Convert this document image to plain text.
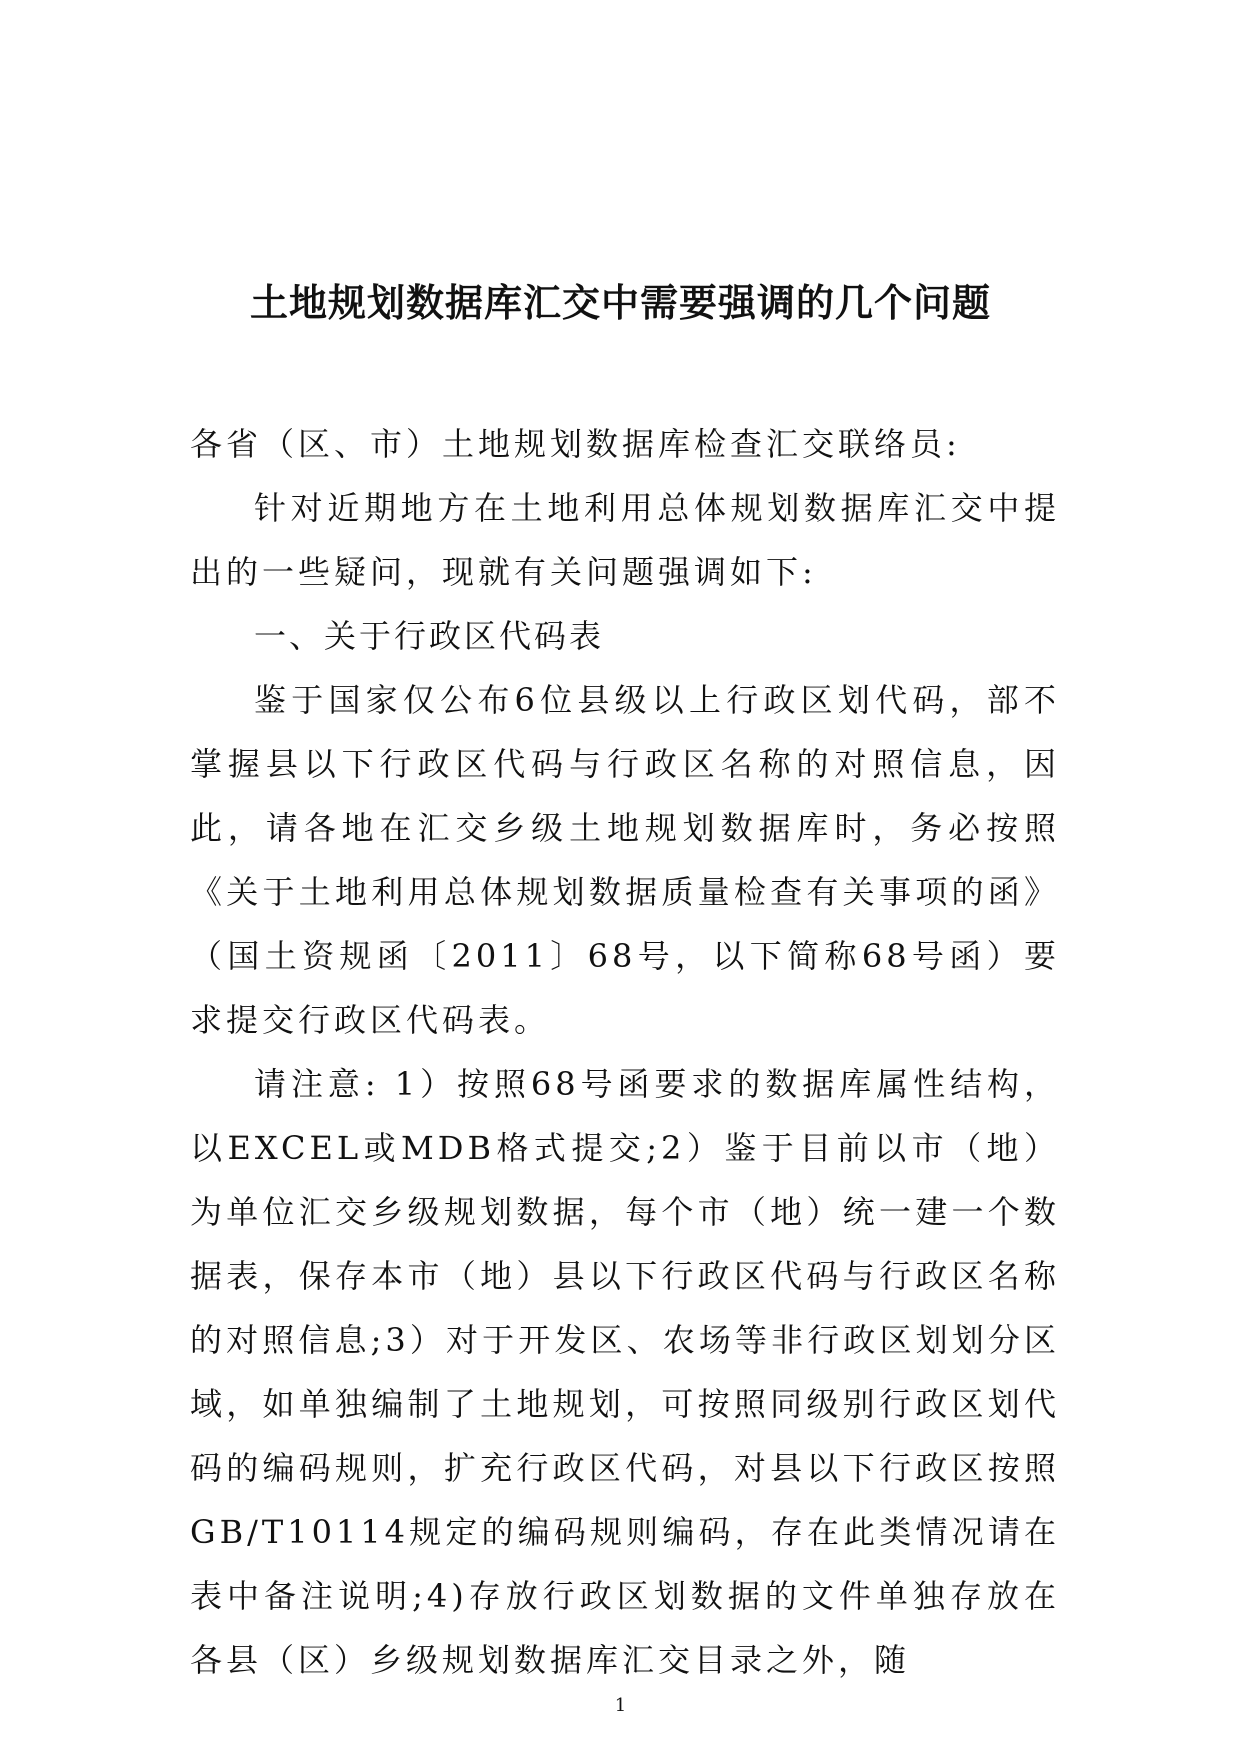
土地规划数据库汇交中需要强调的几个问题

各省（区、市）土地规划数据库检查汇交联络员:

针对近期地方在土地利用总体规划数据库汇交中提出的一些疑问，现就有关问题强调如下:

一、关于行政区代码表

鉴于国家仅公布6位县级以上行政区划代码，部不掌握县以下行政区代码与行政区名称的对照信息，因此，请各地在汇交乡级土地规划数据库时，务必按照《关于土地利用总体规划数据质量检查有关事项的函》（国土资规函〔2011〕68号，以下简称68号函）要求提交行政区代码表。

请注意: 1）按照68号函要求的数据库属性结构，以EXCEL或MDB格式提交;2）鉴于目前以市（地）为单位汇交乡级规划数据，每个市（地）统一建一个数据表，保存本市（地）县以下行政区代码与行政区名称的对照信息;3）对于开发区、农场等非行政区划划分区域，如单独编制了土地规划，可按照同级别行政区划代码的编码规则，扩充行政区代码，对县以下行政区按照GB/T10114规定的编码规则编码，存在此类情况请在表中备注说明;4)存放行政区划数据的文件单独存放在各县（区）乡级规划数据库汇交目录之外，随

1
